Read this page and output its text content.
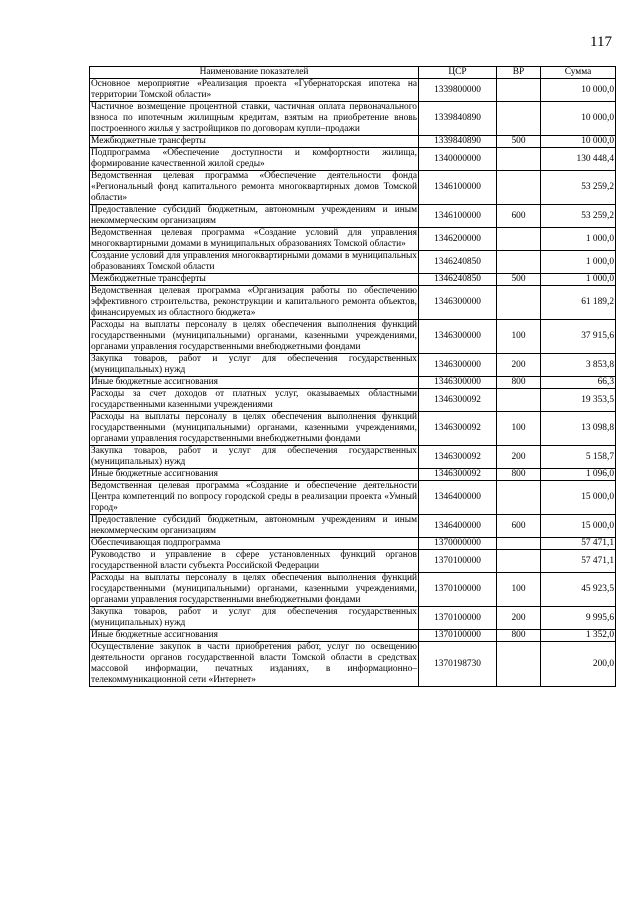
117
Наименование показателей	ЦСР	ВР	Сумма
Основное мероприятие «Реализация проекта «Губернаторская ипотека на территории Томской области»	1339800000		10 000,0
Частичное возмещение процентной ставки, частичная оплата первоначального взноса по ипотечным жилищным кредитам, взятым на приобретение вновь построенного жилья у застройщиков по договорам купли–продажи	1339840890		10 000,0
Межбюджетные трансферты	1339840890	500	10 000,0
Подпрограмма «Обеспечение доступности и комфортности жилища, формирование качественной жилой среды»	1340000000		130 448,4
Ведомственная целевая программа «Обеспечение деятельности фонда «Региональный фонд капитального ремонта многоквартирных домов Томской области»	1346100000		53 259,2
Предоставление субсидий бюджетным, автономным учреждениям и иным некоммерческим организациям	1346100000	600	53 259,2
Ведомственная целевая программа «Создание условий для управления многоквартирными домами в муниципальных образованиях Томской области»	1346200000		1 000,0
Создание условий для управления многоквартирными домами в муниципальных образованиях Томской области	1346240850		1 000,0
Межбюджетные трансферты	1346240850	500	1 000,0
Ведомственная целевая программа «Организация работы по обеспечению эффективного строительства, реконструкции и капитального ремонта объектов, финансируемых из областного бюджета»	1346300000		61 189,2
Расходы на выплаты персоналу в целях обеспечения выполнения функций государственными (муниципальными) органами, казенными учреждениями, органами управления государственными внебюджетными фондами	1346300000	100	37 915,6
Закупка товаров, работ и услуг для обеспечения государственных (муниципальных) нужд	1346300000	200	3 853,8
Иные бюджетные ассигнования	1346300000	800	66,3
Расходы за счет доходов от платных услуг, оказываемых областными государственными казенными учреждениями	1346300092		19 353,5
Расходы на выплаты персоналу в целях обеспечения выполнения функций государственными (муниципальными) органами, казенными учреждениями, органами управления государственными внебюджетными фондами	1346300092	100	13 098,8
Закупка товаров, работ и услуг для обеспечения государственных (муниципальных) нужд	1346300092	200	5 158,7
Иные бюджетные ассигнования	1346300092	800	1 096,0
Ведомственная целевая программа «Создание и обеспечение деятельности Центра компетенций по вопросу городской среды в реализации проекта «Умный город»	1346400000		15 000,0
Предоставление субсидий бюджетным, автономным учреждениям и иным некоммерческим организациям	1346400000	600	15 000,0
Обеспечивающая подпрограмма	1370000000		57 471,1
Руководство и управление в сфере установленных функций органов государственной власти субъекта Российской Федерации	1370100000		57 471,1
Расходы на выплаты персоналу в целях обеспечения выполнения функций государственными (муниципальными) органами, казенными учреждениями, органами управления государственными внебюджетными фондами	1370100000	100	45 923,5
Закупка товаров, работ и услуг для обеспечения государственных (муниципальных) нужд	1370100000	200	9 995,6
Иные бюджетные ассигнования	1370100000	800	1 352,0
Осуществление закупок в части приобретения работ, услуг по освещению деятельности органов государственной власти Томской области в средствах массовой информации, печатных изданиях, в информационно–телекоммуникационной сети «Интернет»	1370198730		200,0
